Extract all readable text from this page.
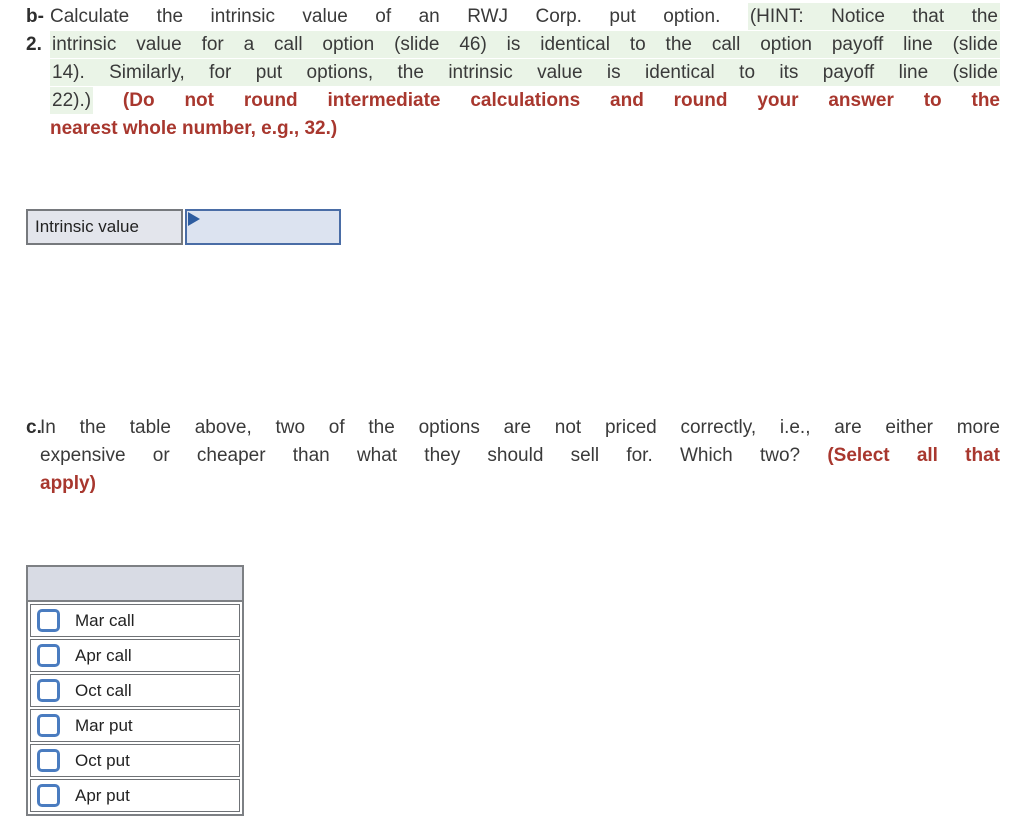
b-
2.
Calculate the intrinsic value of an RWJ Corp. put option. (HINT: Notice that the
intrinsic value for a call option (slide 46) is identical to the call option payoff line (slide
14). Similarly, for put options, the intrinsic value is identical to its payoff line (slide
22).) (Do not round intermediate calculations and round your answer to the
nearest whole number, e.g., 32.)
Intrinsic value
c.
In the table above, two of the options are not priced correctly, i.e., are either more
expensive or cheaper than what they should sell for. Which two? (Select all that
apply)
Mar call
Apr call
Oct call
Mar put
Oct put
Apr put
